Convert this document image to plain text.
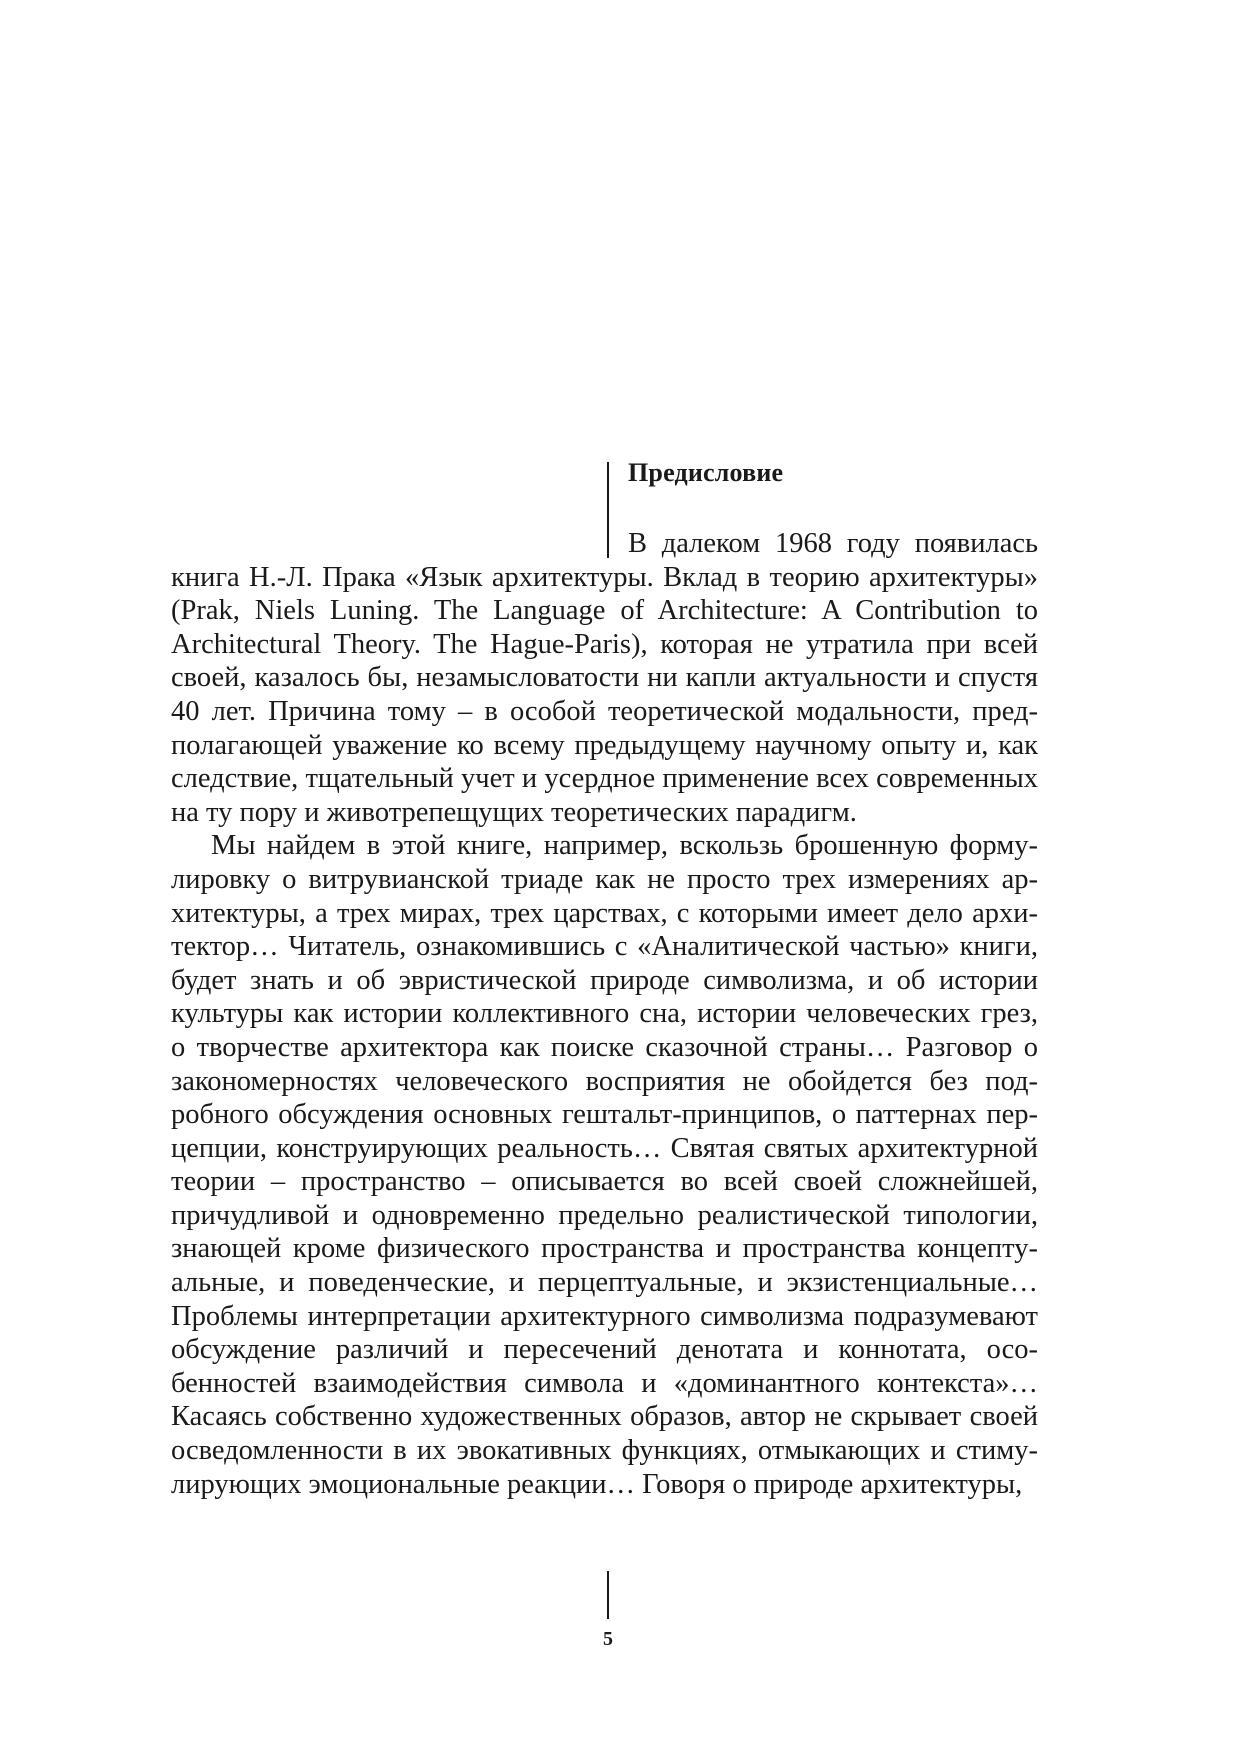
Предисловие

В далеком 1968 году появилась книга Н.-Л. Прака «Язык архитектуры. Вклад в теорию архитектуры» (Prak, Niels Luning. The Language of Architecture: A Contribution to Architectural Theory. The Hague-Paris), которая не утратила при всей своей, казалось бы, незамысловатости ни капли актуальности и спустя 40 лет. Причина тому – в особой теоретической модальности, предполагающей уважение ко всему предыдущему научному опыту и, как следствие, тщательный учет и усердное применение всех современных на ту пору и животрепещущих теоретических парадигм.

Мы найдем в этой книге, например, вскользь брошенную формулировку о витрувианской триаде как не просто трех измерениях архитектуры, а трех мирах, трех царствах, с которыми имеет дело архитектор… Читатель, ознакомившись с «Аналитической частью» книги, будет знать и об эвристической природе символизма, и об истории культуры как истории коллективного сна, истории человеческих грез, о творчестве архитектора как поиске сказочной страны… Разговор о закономерностях человеческого восприятия не обойдется без подробного обсуждения основных гештальт-принципов, о паттернах перцепции, конструирующих реальность… Святая святых архитектурной теории – пространство – описывается во всей своей сложнейшей, причудливой и одновременно предельно реалистической типологии, знающей кроме физического пространства и пространства концептуальные, и поведенческие, и перцептуальные, и экзистенциальные… Проблемы интерпретации архитектурного символизма подразумевают обсуждение различий и пересечений денотата и коннотата, особенностей взаимодействия символа и «доминантного контекста»… Касаясь собственно художественных образов, автор не скрывает своей осведомленности в их эвокативных функциях, отмыкающих и стимулирующих эмоциональные реакции… Говоря о природе архитектуры,

5
